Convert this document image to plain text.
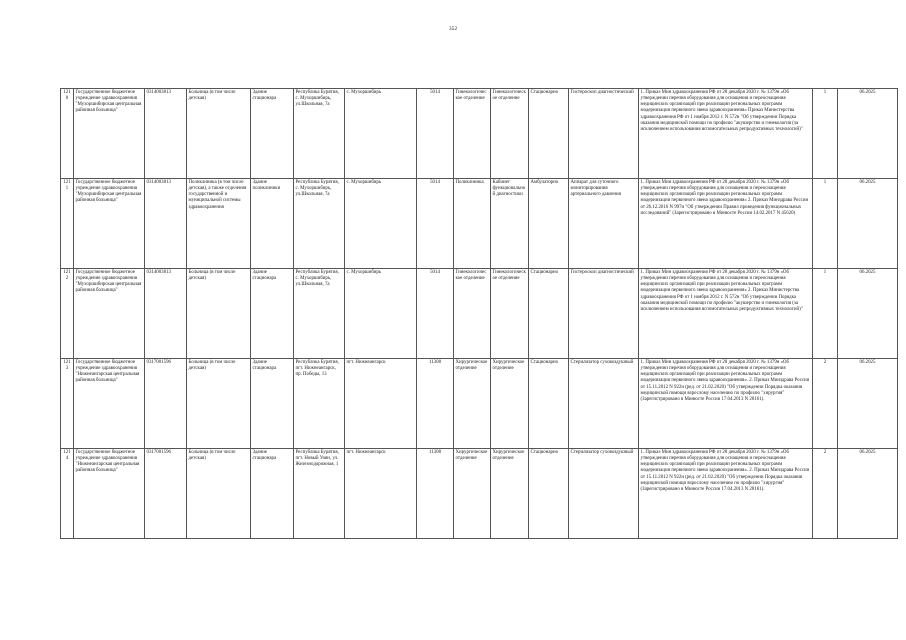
352
1210	Государственное бюджетное учреждение здравоохранения "Мухоршибирская центральная районная больница"	0314003813	Больница (в том числе детская)	Здание стационара	Республика Бурятия, с. Мухоршибирь, ул.Школьная, 7а	с. Мухоршибирь	5014	Гинекологическое отделение	Гинекологическое отделение	Стационарно	Гистероскоп диагностический	1. Приказ Мин здравоохранения РФ от 28 декабря 2020 г. № 1379н «Об утверждении перечня оборудования для оснащения и переоснащения медицинских организаций при реализации региональных программ модернизации первичного звена здравоохранения» Приказ Министерства здравоохранения РФ от 1 ноября 2012 г. N 572н "Об утверждении Порядка оказания медицинской помощи по профилю "акушерство и гинекология (за исключением использования вспомогательных репродуктивных технологий)"	1	06.2025
1211	Государственное бюджетное учреждение здравоохранения "Мухоршибирская центральная районная больница"	0314003813	Поликлиника (в том числе детская), а также отделения государственной и муниципальной системы здравоохранения	Здание поликлиники	Республика Бурятия, с. Мухоршибирь, ул.Школьная, 7а	с. Мухоршибирь	5014	Поликлиника	Кабинет функциональной диагностики	Амбулаторно	Аппарат для суточного мониторирования артериального давления	1. Приказ Мин здравоохранения РФ от 28 декабря 2020 г. № 1379н «Об утверждении перечня оборудования для оснащения и переоснащения медицинских организаций при реализации региональных программ модернизации первичного звена здравоохранения» 2. Приказ Минздрава России от 26.12.2016 N 997н "Об утверждении Правил проведения функциональных исследований" (Зарегистрировано в Минюсте России 14.02.2017 N 45620)	1	06.2025
1212	Государственное бюджетное учреждение здравоохранения "Мухоршибирская центральная районная больница"	0314003813	Больница (в том числе детская)	Здание стационара	Республика Бурятия, с. Мухоршибирь, ул.Школьная, 7а	с. Мухоршибирь	5014	Гинекологическое отделение	Гинекологическое отделение	Стационарно	Гистероскоп диагностический	1. Приказ Мин здравоохранения РФ от 28 декабря 2020 г. № 1379н «Об утверждении перечня оборудования для оснащения и переоснащения медицинских организаций при реализации региональных программ модернизации первичного звена здравоохранения» 2. Приказ Министерства здравоохранения РФ от 1 ноября 2012 г. N 572н "Об утверждении Порядка оказания медицинской помощи по профилю "акушерство и гинекология (за исключением использования вспомогательных репродуктивных технологий)"	1	06.2025
1213	Государственное бюджетное учреждение здравоохранения "Нижнеангарская центральная районная больница"	0317001596	Больница (в том числе детская)	Здание стационара	Республика Бурятия, пгт. Нижнеангарск, пр. Победы, 13	пгт. Нижнеангарск	11308	Хирургическое отделение	Хирургическое отделение	Стационарно	Стерилизатор суховоздушный	1. Приказ Мин здравоохранения РФ от 28 декабря 2020 г. № 1379н «Об утверждении перечня оборудования для оснащения и переоснащения медицинских организаций при реализации региональных программ модернизации первичного звена здравоохранения». 2. Приказ Минздрава России от 15.11.2012 N 922н (ред. от 21.02.2020) "Об утверждении Порядка оказания медицинской помощи взрослому населению по профилю "хирургия" (Зарегистрировано в Минюсте России 17.04.2013 N 28161).	2	06.2025
1214	Государственное бюджетное учреждение здравоохранения "Нижнеангарская центральная районная больница"	0317001596	Больница (в том числе детская)	Здание стационара	Республика Бурятия, пгт. Новый Уоян, ул. Железнодорожная, 1	пгт. Нижнеангарск	11308	Хирургическое отделение	Хирургическое отделение	Стационарно	Стерилизатор суховоздушный	1. Приказ Мин здравоохранения РФ от 28 декабря 2020 г. № 1379н «Об утверждении перечня оборудования для оснащения и переоснащения медицинских организаций при реализации региональных программ модернизации первичного звена здравоохранения». 2. Приказ Минздрава России от 15.11.2012 N 922н (ред. от 21.02.2020) "Об утверждении Порядка оказания медицинской помощи взрослому населению по профилю "хирургия" (Зарегистрировано в Минюсте России 17.04.2013 N 28161).	2	06.2025
